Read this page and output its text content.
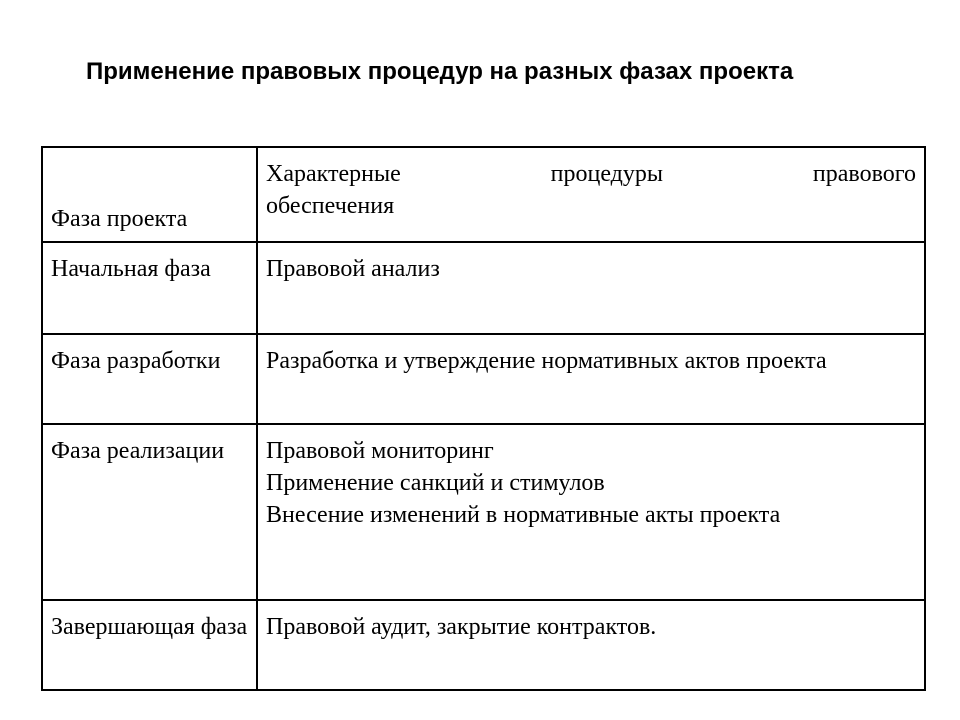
Применение правовых процедур на разных фазах проекта

Фаза проекта	Характерные процедуры правового
обеспечения

Начальная фаза	Правовой анализ

Фаза разработки	Разработка и утверждение нормативных актов проекта

Фаза реализации	Правовой мониторинг
Применение санкций и стимулов
Внесение изменений в нормативные акты проекта

Завершающая фаза	Правовой аудит, закрытие контрактов.
